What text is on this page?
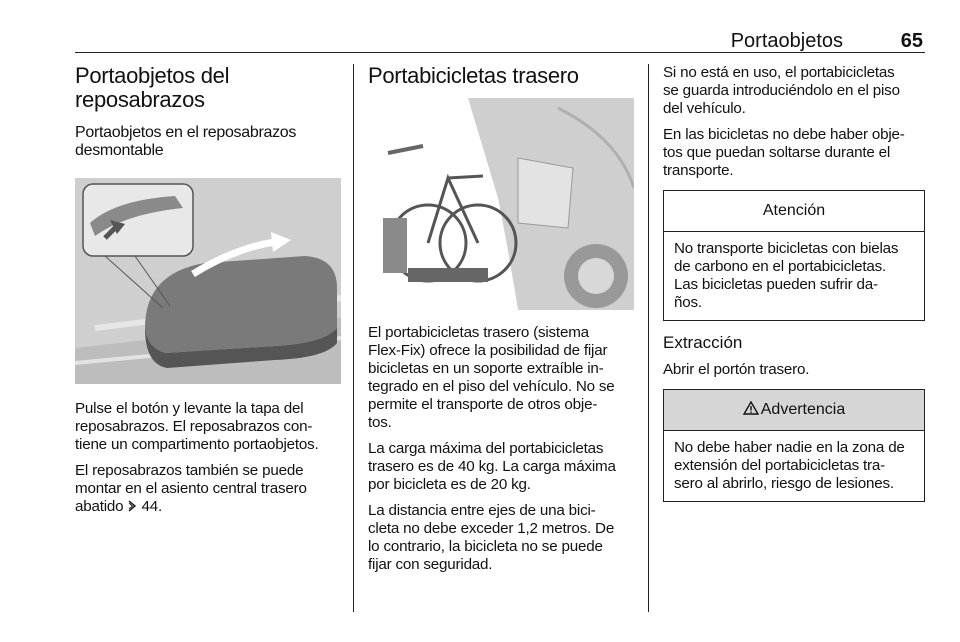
Portaobjetos	65
Portaobjetos del
reposabrazos
Portaobjetos en el reposabrazos
desmontable

Pulse el botón y levante la tapa del
reposabrazos. El reposabrazos con-
tiene un compartimento portaobjetos.

El reposabrazos también se puede
montar en el asiento central trasero
abatido 44.

Portabicicletas trasero

El portabicicletas trasero (sistema
Flex-Fix) ofrece la posibilidad de fijar
bicicletas en un soporte extraíble in-
tegrado en el piso del vehículo. No se
permite el transporte de otros obje-
tos.

La carga máxima del portabicicletas
trasero es de 40 kg. La carga máxima
por bicicleta es de 20 kg.

La distancia entre ejes de una bici-
cleta no debe exceder 1,2 metros. De
lo contrario, la bicicleta no se puede
fijar con seguridad.

Si no está en uso, el portabicicletas
se guarda introduciéndolo en el piso
del vehículo.

En las bicicletas no debe haber obje-
tos que puedan soltarse durante el
transporte.

Atención

No transporte bicicletas con bielas
de carbono en el portabicicletas.
Las bicicletas pueden sufrir da-
ños.

Extracción

Abrir el portón trasero.

Advertencia

No debe haber nadie en la zona de
extensión del portabicicletas tra-
sero al abrirlo, riesgo de lesiones.
